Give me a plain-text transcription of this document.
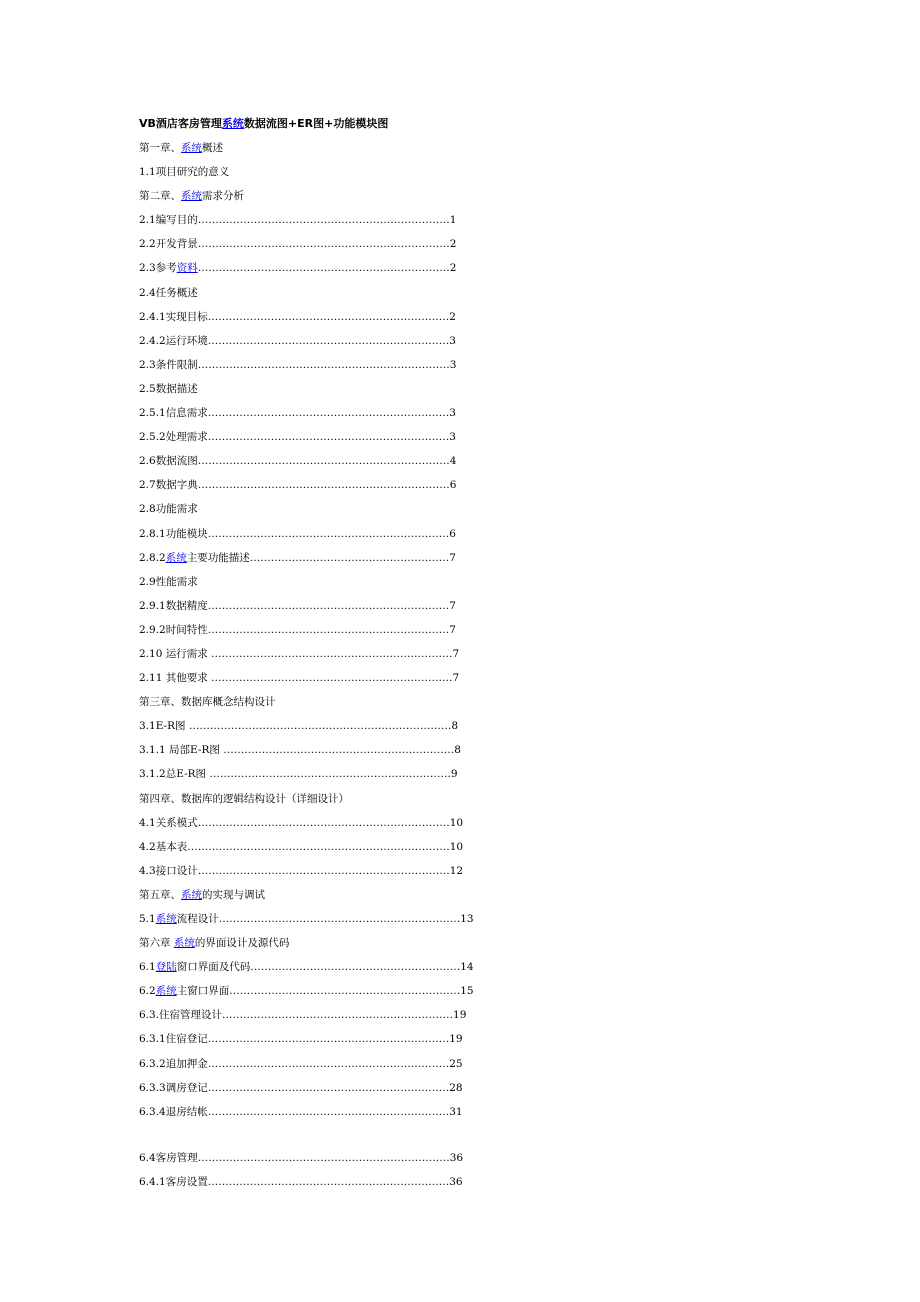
VB酒店客房管理系统数据流图+ER图+功能模块图
第一章、系统概述
1.1项目研究的意义
第二章、系统需求分析
2.1编写目的………………………………………………………………1
2.2开发背景………………………………………………………………2
2.3参考资料………………………………………………………………2
2.4任务概述
2.4.1实现目标……………………………………………………………2
2.4.2运行环境……………………………………………………………3
2.3条件限制………………………………………………………………3
2.5数据描述
2.5.1信息需求……………………………………………………………3
2.5.2处理需求……………………………………………………………3
2.6数据流图………………………………………………………………4
2.7数据字典………………………………………………………………6
2.8功能需求
2.8.1功能模块……………………………………………………………6
2.8.2系统主要功能描述…………………………………………………7
2.9性能需求
2.9.1数据精度……………………………………………………………7
2.9.2时间特性……………………………………………………………7
2.10 运行需求 ……………………………………………………………7
2.11 其他要求 ……………………………………………………………7
第三章、数据库概念结构设计
3.1E-R图 …………………………………………………………………8
3.1.1 局部E-R图 …………………………………………………………8
3.1.2总E-R图 ……………………………………………………………9
第四章、数据库的逻辑结构设计（详细设计）
4.1关系模式………………………………………………………………10
4.2基本表…………………………………………………………………10
4.3接口设计………………………………………………………………12
第五章、系统的实现与调试
5.1系统流程设计……………………………………………………………13
第六章 系统的界面设计及源代码
6.1登陆窗口界面及代码……………………………………………………14
6.2系统主窗口界面…………………………………………………………15
6.3.住宿管理设计…………………………………………………………19
6.3.1住宿登记……………………………………………………………19
6.3.2追加押金……………………………………………………………25
6.3.3调房登记……………………………………………………………28
6.3.4退房结帐……………………………………………………………31
6.4客房管理………………………………………………………………36
6.4.1客房设置……………………………………………………………36
